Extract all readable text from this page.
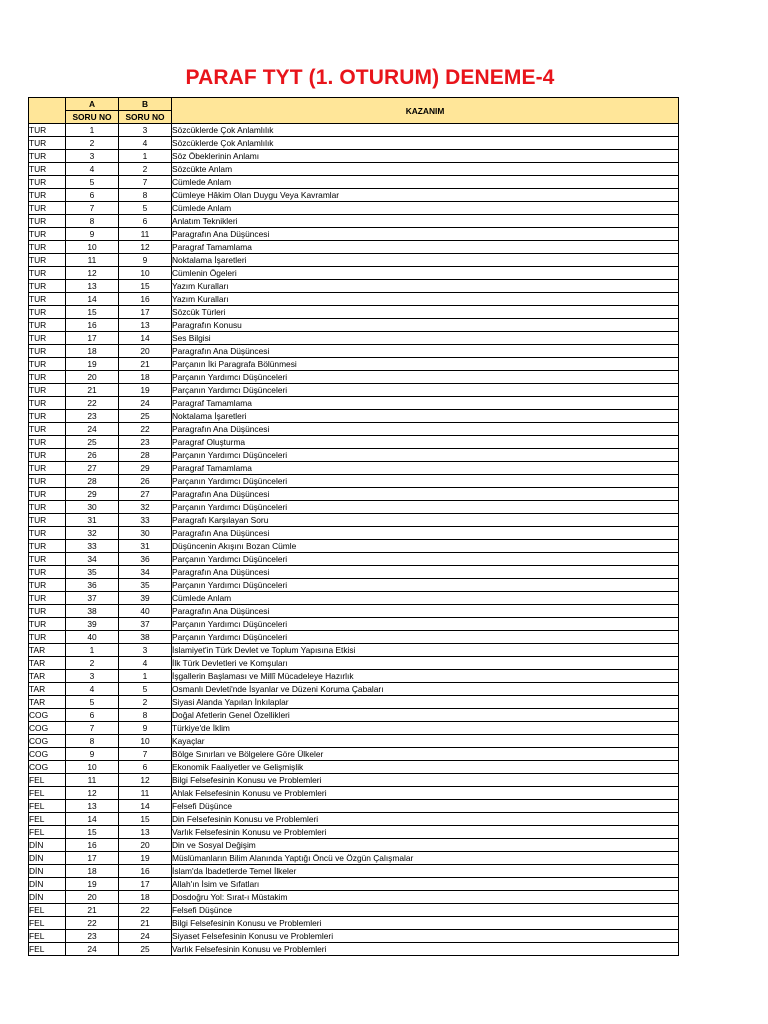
PARAF TYT (1. OTURUM) DENEME-4
	A	B	KAZANIM
	SORU NO	SORU NO	
TUR	1	3	Sözcüklerde Çok Anlamlılık
TUR	2	4	Sözcüklerde Çok Anlamlılık
TUR	3	1	Söz Öbeklerinin Anlamı
TUR	4	2	Sözcükte Anlam
TUR	5	7	Cümlede Anlam
TUR	6	8	Cümleye Hâkim Olan Duygu Veya Kavramlar
TUR	7	5	Cümlede Anlam
TUR	8	6	Anlatım Teknikleri
TUR	9	11	Paragrafın Ana Düşüncesi
TUR	10	12	Paragraf Tamamlama
TUR	11	9	Noktalama İşaretleri
TUR	12	10	Cümlenin Ögeleri
TUR	13	15	Yazım Kuralları
TUR	14	16	Yazım Kuralları
TUR	15	17	Sözcük Türleri
TUR	16	13	Paragrafın Konusu
TUR	17	14	Ses Bilgisi
TUR	18	20	Paragrafın Ana Düşüncesi
TUR	19	21	Parçanın İki Paragrafa Bölünmesi
TUR	20	18	Parçanın Yardımcı Düşünceleri
TUR	21	19	Parçanın Yardımcı Düşünceleri
TUR	22	24	Paragraf Tamamlama
TUR	23	25	Noktalama İşaretleri
TUR	24	22	Paragrafın Ana Düşüncesi
TUR	25	23	Paragraf Oluşturma
TUR	26	28	Parçanın Yardımcı Düşünceleri
TUR	27	29	Paragraf Tamamlama
TUR	28	26	Parçanın Yardımcı Düşünceleri
TUR	29	27	Paragrafın Ana Düşüncesi
TUR	30	32	Parçanın Yardımcı Düşünceleri
TUR	31	33	Paragrafı Karşılayan Soru
TUR	32	30	Paragrafın Ana Düşüncesi
TUR	33	31	Düşüncenin Akışını Bozan Cümle
TUR	34	36	Parçanın Yardımcı Düşünceleri
TUR	35	34	Paragrafın Ana Düşüncesi
TUR	36	35	Parçanın Yardımcı Düşünceleri
TUR	37	39	Cümlede Anlam
TUR	38	40	Paragrafın Ana Düşüncesi
TUR	39	37	Parçanın Yardımcı Düşünceleri
TUR	40	38	Parçanın Yardımcı Düşünceleri
TAR	1	3	İslamiyet'in Türk Devlet ve Toplum Yapısına Etkisi
TAR	2	4	İlk Türk Devletleri ve Komşuları
TAR	3	1	İşgallerin Başlaması ve Millî Mücadeleye Hazırlık
TAR	4	5	Osmanlı Devleti'nde İsyanlar ve Düzeni Koruma Çabaları
TAR	5	2	Siyasi Alanda Yapılan İnkılaplar
COG	6	8	Doğal Afetlerin Genel Özellikleri
COG	7	9	Türkiye'de İklim
COG	8	10	Kayaçlar
COG	9	7	Bölge Sınırları ve Bölgelere Göre Ülkeler
COG	10	6	Ekonomik Faaliyetler ve Gelişmişlik
FEL	11	12	Bilgi Felsefesinin Konusu ve Problemleri
FEL	12	11	Ahlak Felsefesinin Konusu ve Problemleri
FEL	13	14	Felsefi Düşünce
FEL	14	15	Din Felsefesinin Konusu ve Problemleri
FEL	15	13	Varlık Felsefesinin Konusu ve Problemleri
DİN	16	20	Din ve Sosyal Değişim
DİN	17	19	Müslümanların Bilim Alanında Yaptığı Öncü ve Özgün Çalışmalar
DİN	18	16	İslam'da İbadetlerde Temel İlkeler
DİN	19	17	Allah'ın İsim ve Sıfatları
DİN	20	18	Dosdoğru Yol: Sırat-ı Müstakim
FEL	21	22	Felsefi Düşünce
FEL	22	21	Bilgi Felsefesinin Konusu ve Problemleri
FEL	23	24	Siyaset Felsefesinin Konusu ve Problemleri
FEL	24	25	Varlık Felsefesinin Konusu ve Problemleri
